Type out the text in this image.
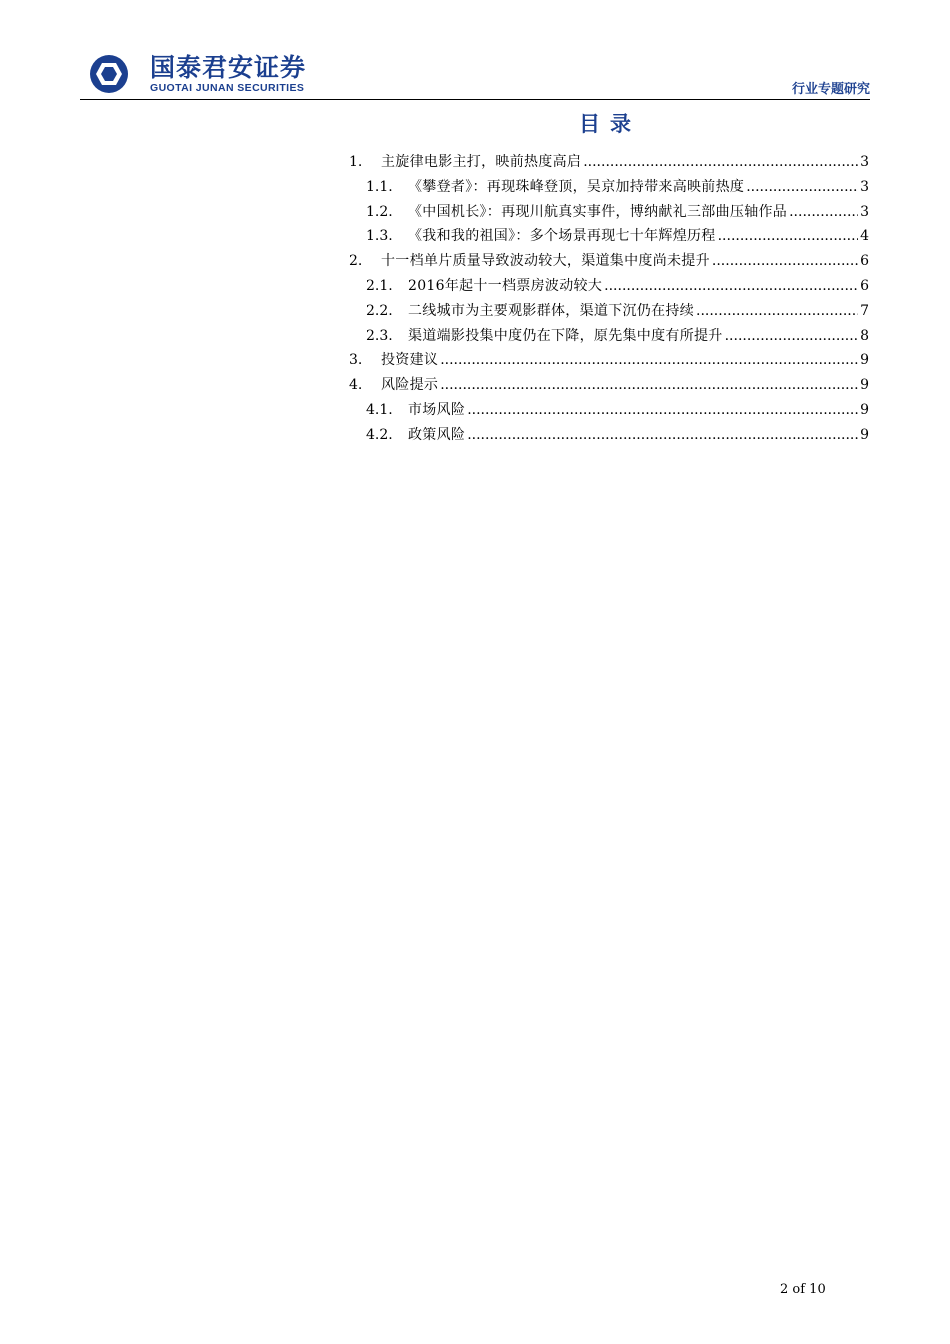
国泰君安证券
GUOTAI JUNAN SECURITIES	行业专题研究
目录
1.	主旋律电影主打，映前热度高启 .....	3
1.1.	《攀登者》：再现珠峰登顶，吴京加持带来高映前热度 .....	3
1.2.	《中国机长》：再现川航真实事件，博纳献礼三部曲压轴作品 .....	3
1.3.	《我和我的祖国》：多个场景再现七十年辉煌历程 .....	4
2.	十一档单片质量导致波动较大，渠道集中度尚未提升 .....	6
2.1.	2016年起十一档票房波动较大 .....	6
2.2.	二线城市为主要观影群体，渠道下沉仍在持续 .....	7
2.3.	渠道端影投集中度仍在下降，原先集中度有所提升 .....	8
3.	投资建议 .....	9
4.	风险提示 .....	9
4.1.	市场风险 .....	9
4.2.	政策风险 .....	9
2 of 10
